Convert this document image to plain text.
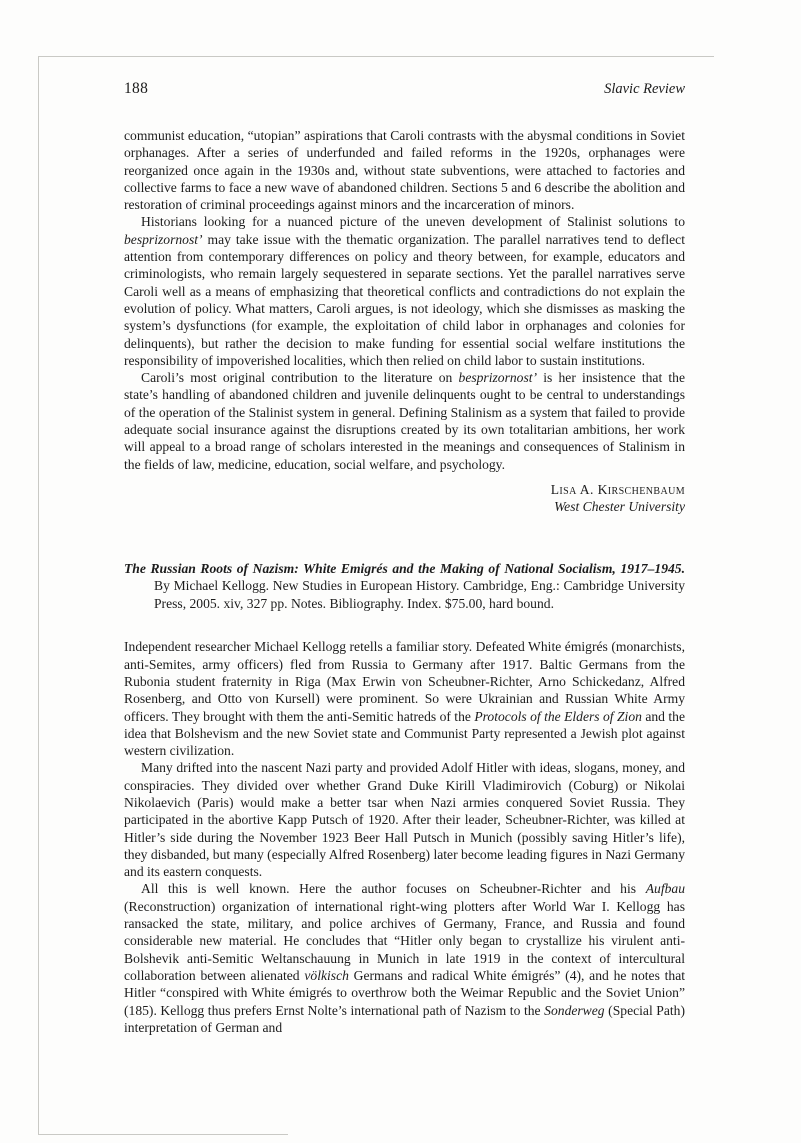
188	Slavic Review

communist education, “utopian” aspirations that Caroli contrasts with the abysmal conditions in Soviet orphanages. After a series of underfunded and failed reforms in the 1920s, orphanages were reorganized once again in the 1930s and, without state subventions, were attached to factories and collective farms to face a new wave of abandoned children. Sections 5 and 6 describe the abolition and restoration of criminal proceedings against minors and the incarceration of minors.

Historians looking for a nuanced picture of the uneven development of Stalinist solutions to besprizornost’ may take issue with the thematic organization. The parallel narratives tend to deflect attention from contemporary differences on policy and theory between, for example, educators and criminologists, who remain largely sequestered in separate sections. Yet the parallel narratives serve Caroli well as a means of emphasizing that theoretical conflicts and contradictions do not explain the evolution of policy. What matters, Caroli argues, is not ideology, which she dismisses as masking the system’s dysfunctions (for example, the exploitation of child labor in orphanages and colonies for delinquents), but rather the decision to make funding for essential social welfare institutions the responsibility of impoverished localities, which then relied on child labor to sustain institutions.

Caroli’s most original contribution to the literature on besprizornost’ is her insistence that the state’s handling of abandoned children and juvenile delinquents ought to be central to understandings of the operation of the Stalinist system in general. Defining Stalinism as a system that failed to provide adequate social insurance against the disruptions created by its own totalitarian ambitions, her work will appeal to a broad range of scholars interested in the meanings and consequences of Stalinism in the fields of law, medicine, education, social welfare, and psychology.

Lisa A. Kirschenbaum
West Chester University
The Russian Roots of Nazism: White Emigrés and the Making of National Socialism, 1917–1945. By Michael Kellogg. New Studies in European History. Cambridge, Eng.: Cambridge University Press, 2005. xiv, 327 pp. Notes. Bibliography. Index. $75.00, hard bound.

Independent researcher Michael Kellogg retells a familiar story. Defeated White émigrés (monarchists, anti-Semites, army officers) fled from Russia to Germany after 1917. Baltic Germans from the Rubonia student fraternity in Riga (Max Erwin von Scheubner-Richter, Arno Schickedanz, Alfred Rosenberg, and Otto von Kursell) were prominent. So were Ukrainian and Russian White Army officers. They brought with them the anti-Semitic hatreds of the Protocols of the Elders of Zion and the idea that Bolshevism and the new Soviet state and Communist Party represented a Jewish plot against western civilization.

Many drifted into the nascent Nazi party and provided Adolf Hitler with ideas, slogans, money, and conspiracies. They divided over whether Grand Duke Kirill Vladimirovich (Coburg) or Nikolai Nikolaevich (Paris) would make a better tsar when Nazi armies conquered Soviet Russia. They participated in the abortive Kapp Putsch of 1920. After their leader, Scheubner-Richter, was killed at Hitler’s side during the November 1923 Beer Hall Putsch in Munich (possibly saving Hitler’s life), they disbanded, but many (especially Alfred Rosenberg) later become leading figures in Nazi Germany and its eastern conquests.

All this is well known. Here the author focuses on Scheubner-Richter and his Aufbau (Reconstruction) organization of international right-wing plotters after World War I. Kellogg has ransacked the state, military, and police archives of Germany, France, and Russia and found considerable new material. He concludes that “Hitler only began to crystallize his virulent anti-Bolshevik anti-Semitic Weltanschauung in Munich in late 1919 in the context of intercultural collaboration between alienated völkisch Germans and radical White émigrés” (4), and he notes that Hitler “conspired with White émigrés to overthrow both the Weimar Republic and the Soviet Union” (185). Kellogg thus prefers Ernst Nolte’s international path of Nazism to the Sonderweg (Special Path) interpretation of German and
